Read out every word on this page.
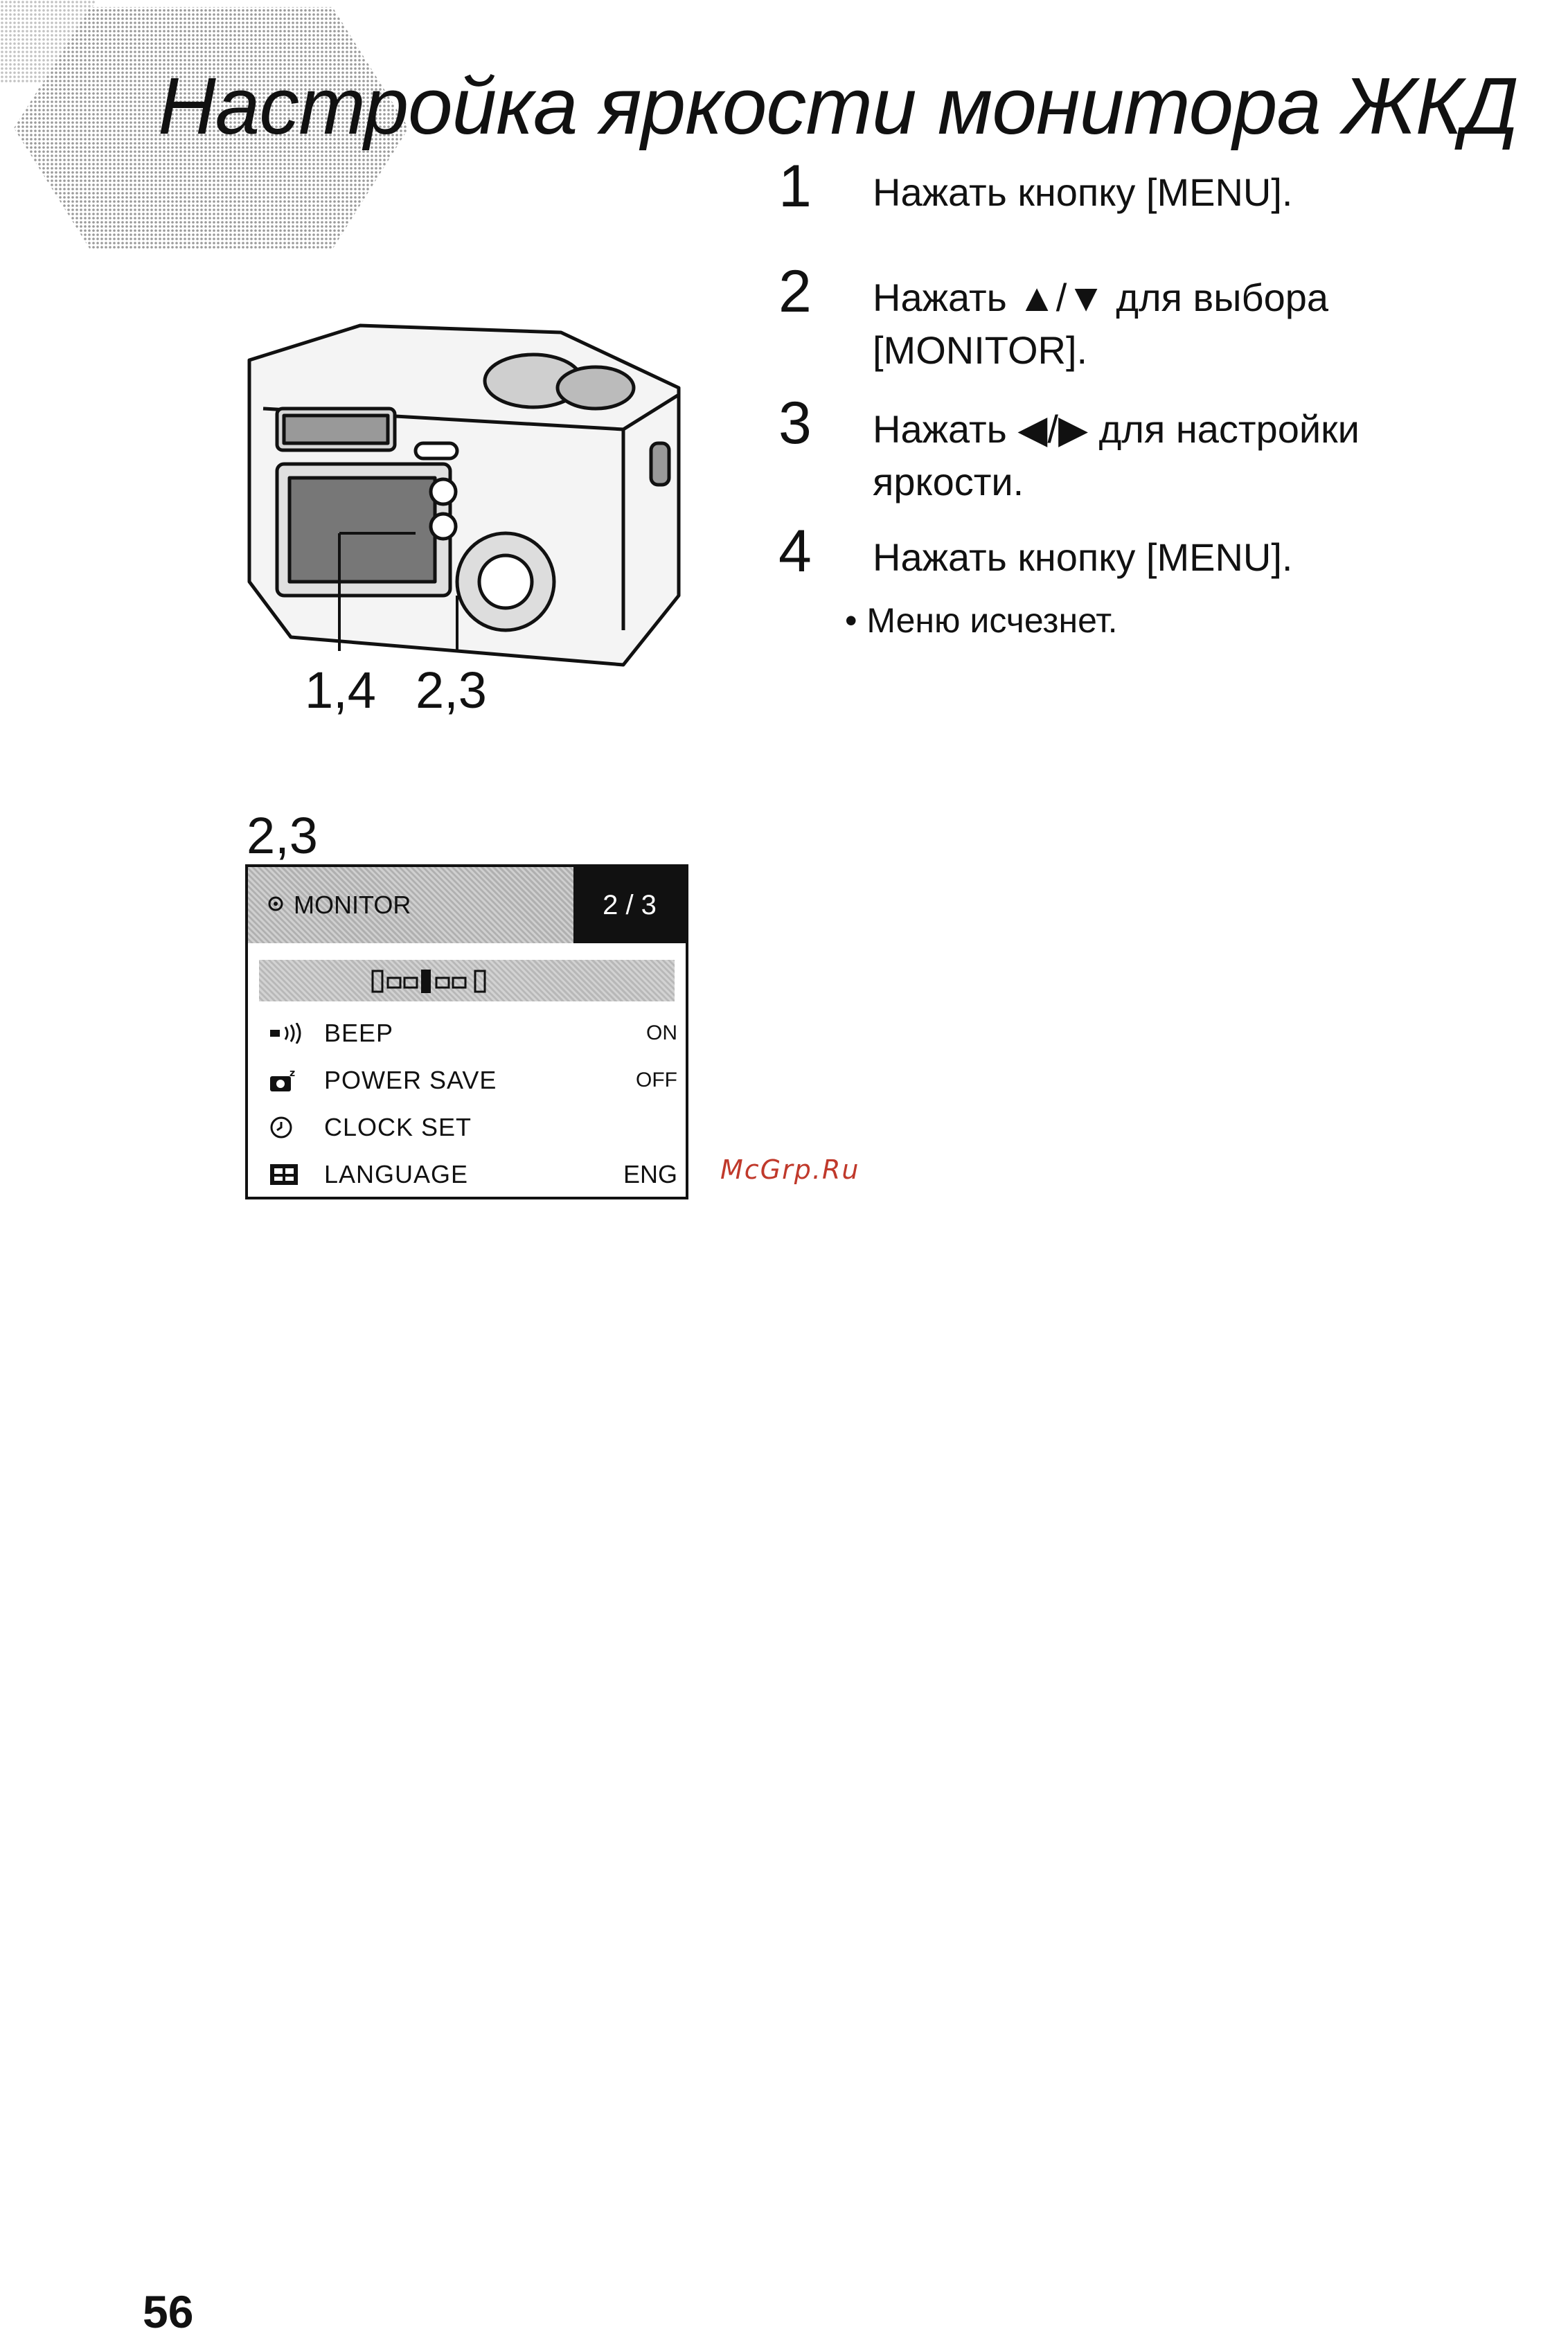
Настройка яркости монитора ЖКД
1 Нажать кнопку [MENU].
2 Нажать ▲/▼ для выбора [MONITOR].
3 Нажать ◀/▶ для настройки яркости.
4 Нажать кнопку [MENU].
• Меню исчезнет.
1,4 2,3
2,3
MONITOR	2 / 3
BEEP	ON
z POWER SAVE	OFF
CLOCK SET
LANGUAGE	ENG McGrp.Ru
56
